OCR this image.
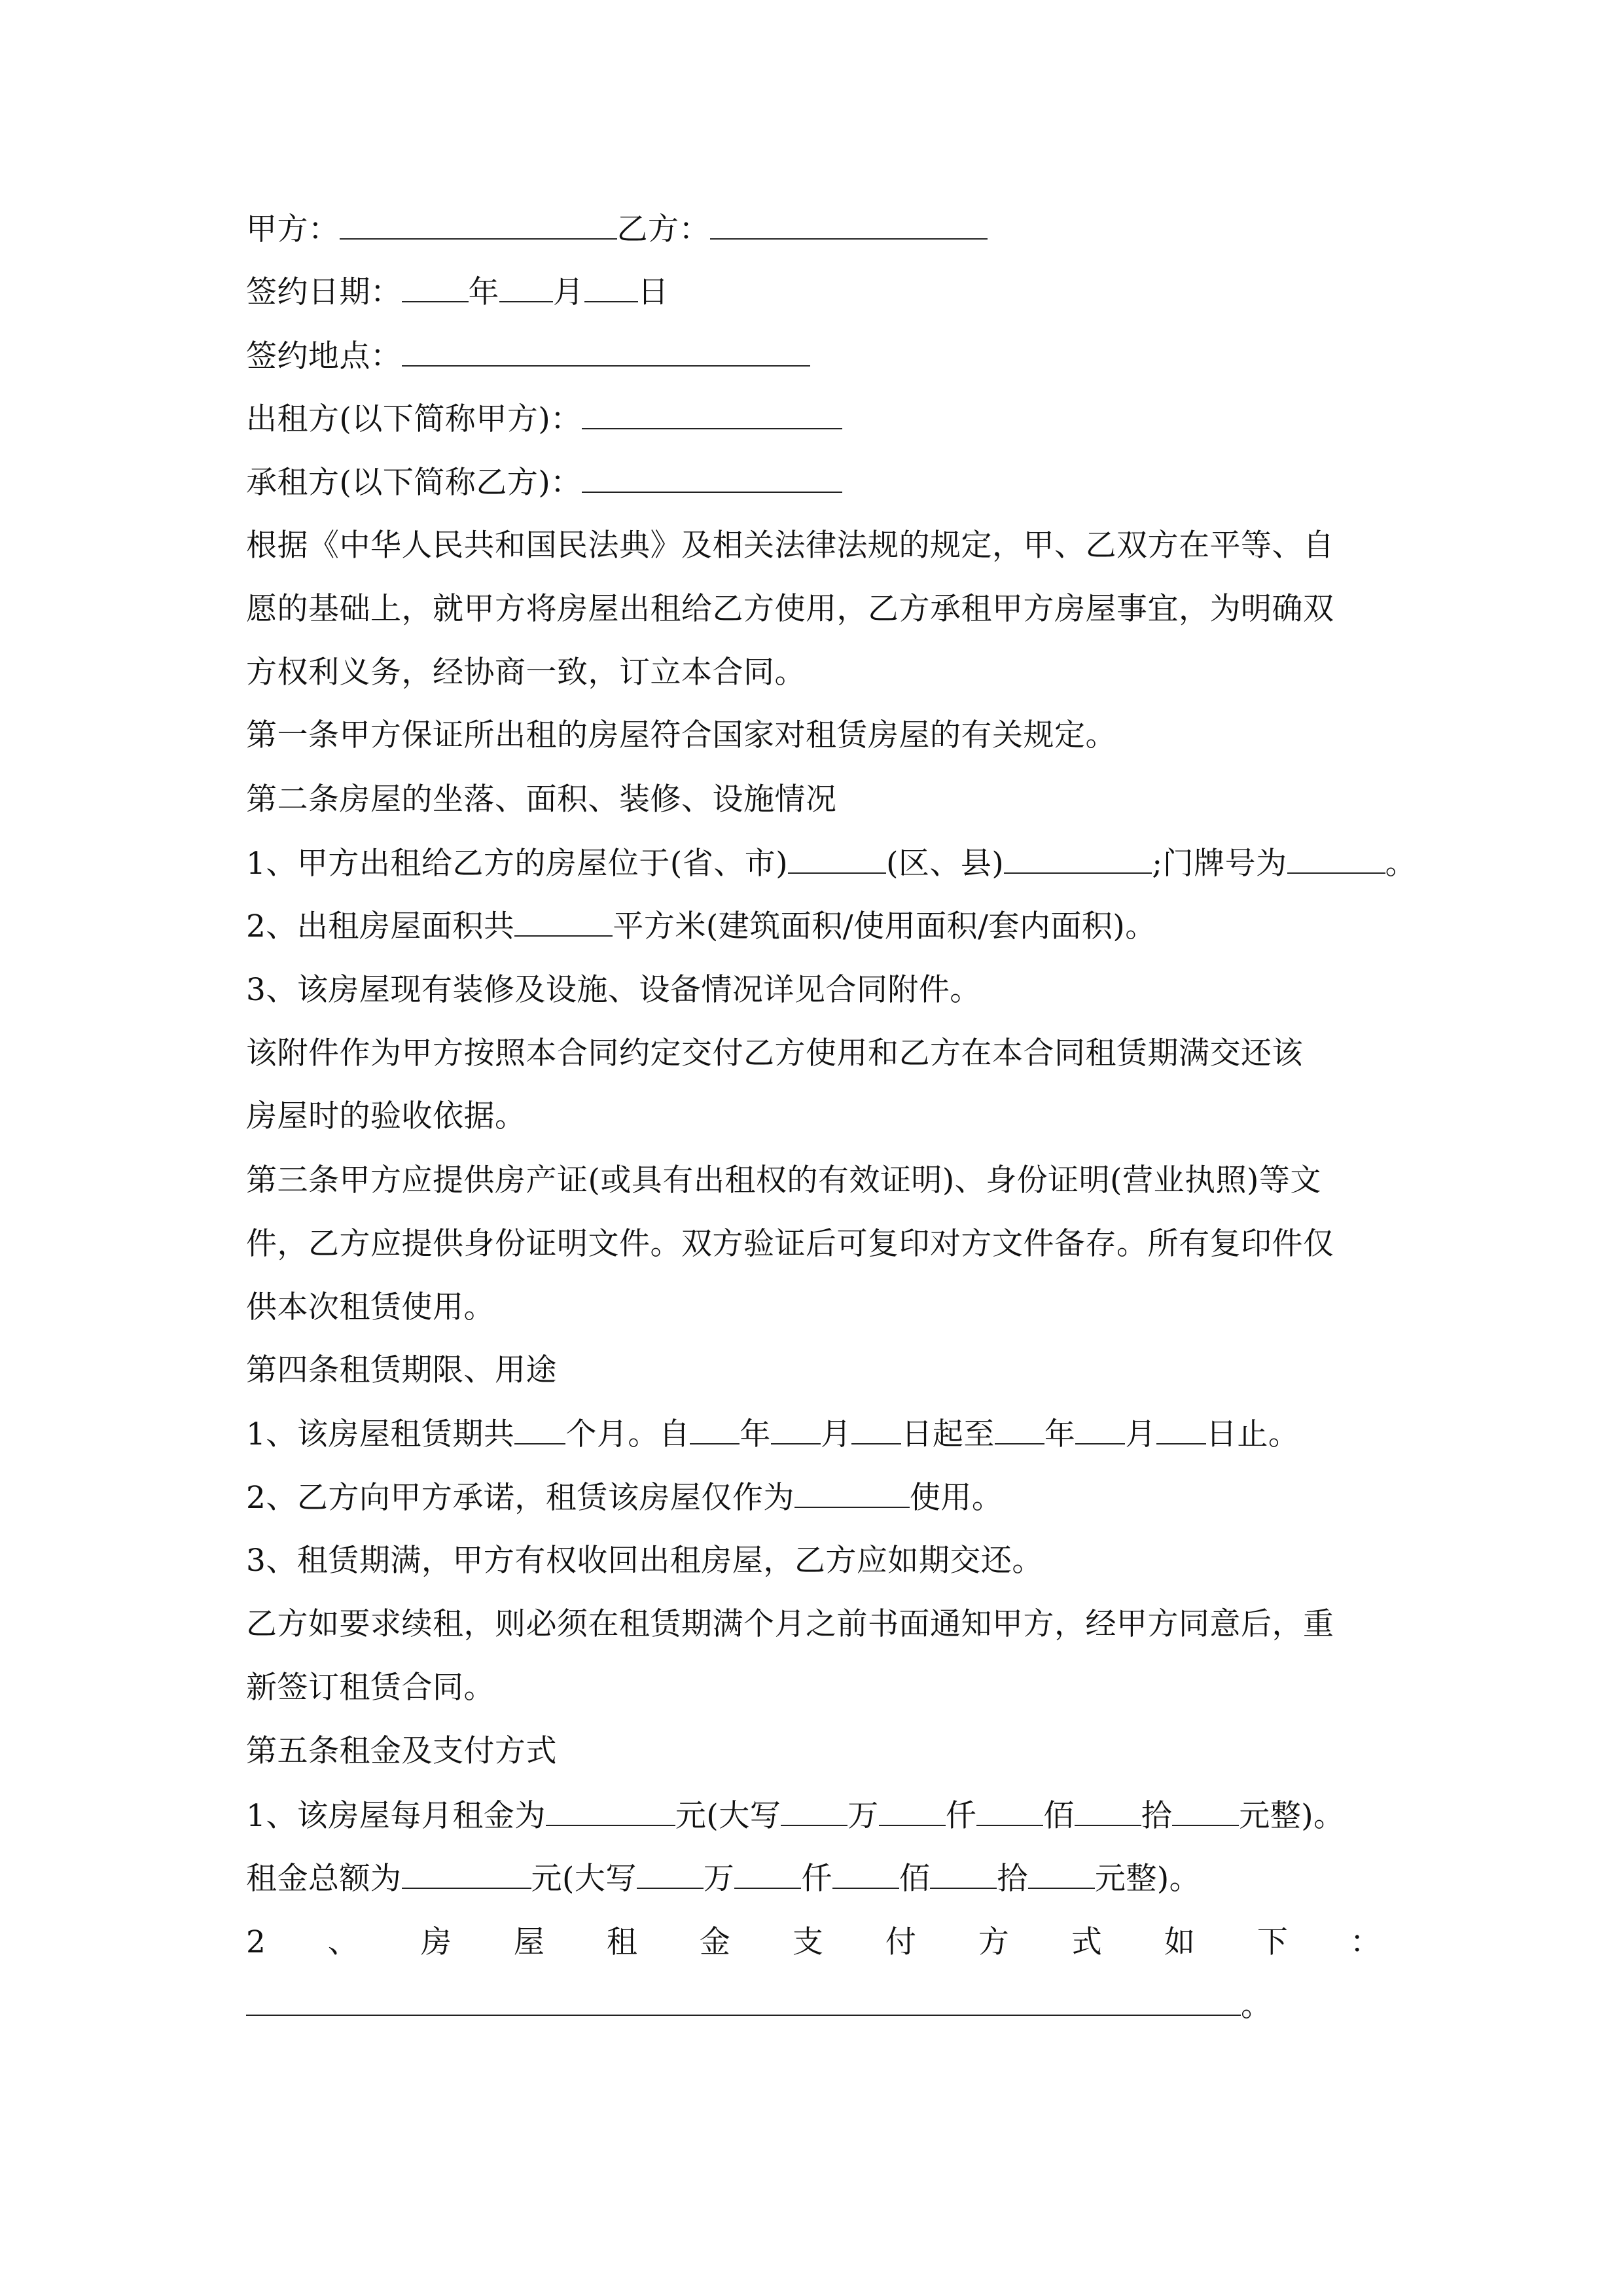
甲方：	乙方：
签约日期： 年 月 日
签约地点：
出租方(以下简称甲方)：
承租方(以下简称乙方)：
根据《中华人民共和国民法典》及相关法律法规的规定，甲、乙双方在平等、自
愿的基础上，就甲方将房屋出租给乙方使用，乙方承租甲方房屋事宜，为明确双
方权利义务，经协商一致，订立本合同。
第一条甲方保证所出租的房屋符合国家对租赁房屋的有关规定。
第二条房屋的坐落、面积、装修、设施情况
1、甲方出租给乙方的房屋位于(省、市)	(区、县)	;门牌号为	。
2、出租房屋面积共	平方米(建筑面积/使用面积/套内面积)。
3、该房屋现有装修及设施、设备情况详见合同附件。
该附件作为甲方按照本合同约定交付乙方使用和乙方在本合同租赁期满交还该
房屋时的验收依据。
第三条甲方应提供房产证(或具有出租权的有效证明)、身份证明(营业执照)等文
件，乙方应提供身份证明文件。双方验证后可复印对方文件备存。所有复印件仅
供本次租赁使用。
第四条租赁期限、用途
1、该房屋租赁期共 个月。自 年 月 日起至 年 月 日止。
2、乙方向甲方承诺，租赁该房屋仅作为	使用。
3、租赁期满，甲方有权收回出租房屋，乙方应如期交还。
乙方如要求续租，则必须在租赁期满个月之前书面通知甲方，经甲方同意后，重
新签订租赁合同。
第五条租金及支付方式
1、该房屋每月租金为	元(大写 万 仟 佰 拾 元整)。
租金总额为	元(大写 万 仟 佰 拾 元整)。
2 、 房 屋 租 金 支 付 方 式 如 下 ：
。
